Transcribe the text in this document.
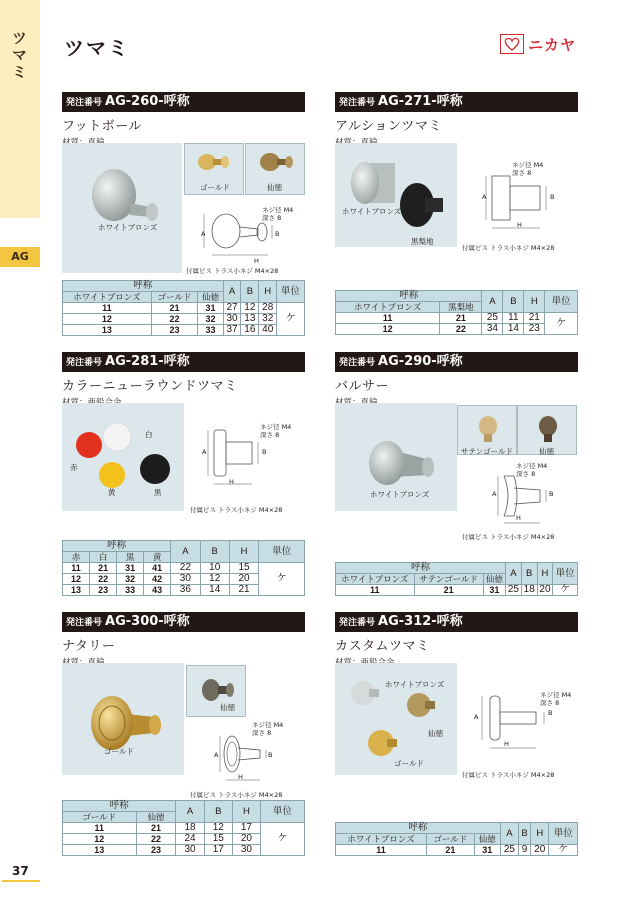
ツマミ
AG
37
ツマミ	ニカヤ
発注番号 AG-260-呼称
フットボール
ホワイトブロンズ
ゴールド	仙徳
A
H
B
ネジ径 M4
深さ 8
付属ビス トラス小ネジ M4×28
呼称			A	B	H	単位
ホワイトブロンズ	ゴールド	仙徳				
11	21	31	27	12	28	ケ
12	22	32	30	13	32	
13	23	33	37	16	40	
発注番号 AG-271-呼称
アルションツマミ
ホワイトブロンズ
黒梨地
A
H
B
ネジ径 M4
深さ 8
付属ビス トラス小ネジ M4×28
呼称		A	B	H	単位
ホワイトブロンズ	黒梨地				
11	21	25	11	21	ケ
12	22	34	14	23	
発注番号 AG-281-呼称
カラーニューラウンドツマミ
白
赤
黄	黒
A
H
B
ネジ径 M4
深さ 8
付属ビス トラス小ネジ M4×28
呼称				A	B	H	単位
赤	白	黒	黄				
11	21	31	41	22	10	15	ケ
12	22	32	42	30	12	20	
13	23	33	43	36	14	21	
発注番号 AG-290-呼称
バルサー
ホワイトブロンズ
サテンゴールド	仙徳
A
H
B
ネジ径 M4
深さ 8
付属ビス トラス小ネジ M4×28
呼称			A	B	H	単位
ホワイトブロンズ	サテンゴールド	仙徳				
11	21	31	25	18	20	ケ
発注番号 AG-300-呼称
ナタリー
ゴールド
仙徳
A
H
B
ネジ径 M4
深さ 8
付属ビス トラス小ネジ M4×28
呼称		A	B	H	単位
ゴールド	仙徳				
11	21	18	12	17	ケ
12	22	24	15	20	
13	23	30	17	30	
発注番号 AG-312-呼称
カスタムツマミ
ホワイトブロンズ
仙徳
ゴールド
A
H
B
ネジ径 M4
深さ 8
付属ビス トラス小ネジ M4×28
呼称			A	B	H	単位
ホワイトブロンズ	ゴールド	仙徳				
11	21	31	25	9	20	ケ
